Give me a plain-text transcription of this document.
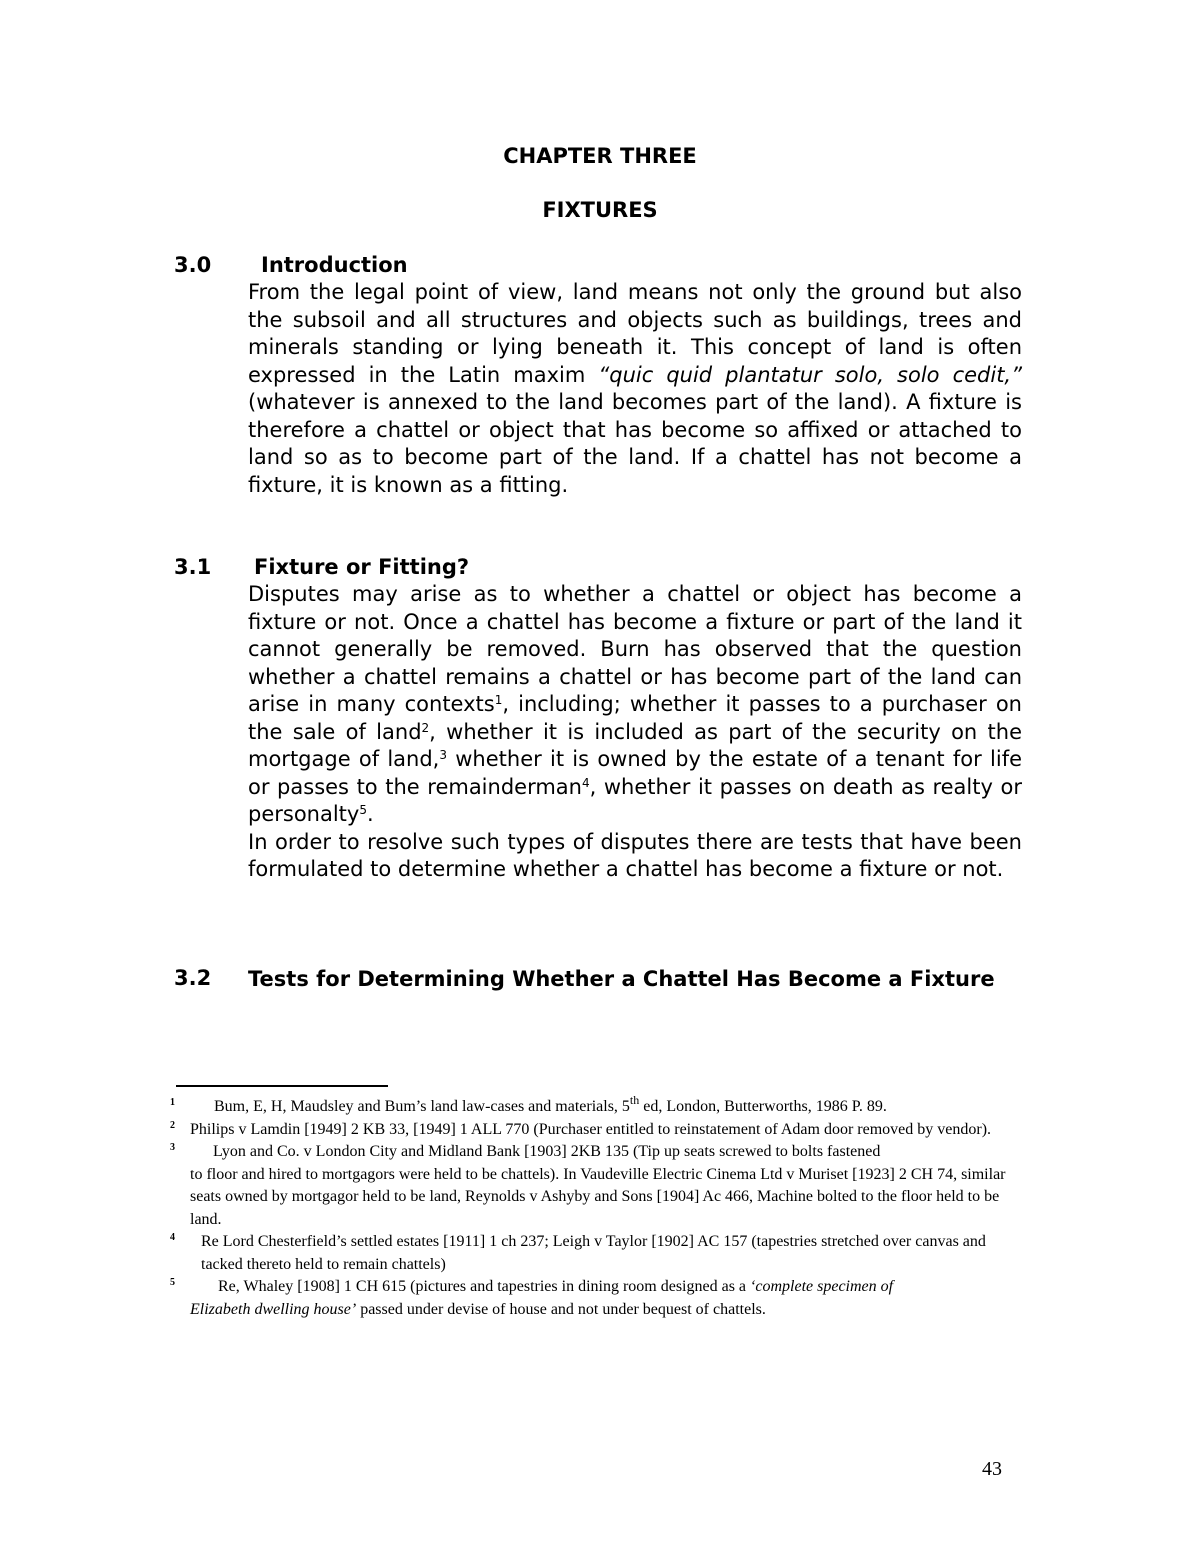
CHAPTER THREE
FIXTURES
3.0 Introduction

From the legal point of view, land means not only the ground but also the subsoil and all structures and objects such as buildings, trees and minerals standing or lying beneath it. This concept of land is often expressed in the Latin maxim “quic quid plantatur solo, solo cedit,” (whatever is annexed to the land becomes part of the land). A fixture is therefore a chattel or object that has become so affixed or attached to land so as to become part of the land. If a chattel has not become a fixture, it is known as a fitting.

3.1 Fixture or Fitting?

Disputes may arise as to whether a chattel or object has become a fixture or not. Once a chattel has become a fixture or part of the land it cannot generally be removed. Burn has observed that the question whether a chattel remains a chattel or has become part of the land can arise in many contexts$^1$, including; whether it passes to a purchaser on the sale of land$^2$, whether it is included as part of the security on the mortgage of land,$^3$ whether it is owned by the estate of a tenant for life or passes to the remainderman$^4$, whether it passes on death as realty or personalty$^5$.

In order to resolve such types of disputes there are tests that have been formulated to determine whether a chattel has become a fixture or not.

3.2 Tests for Determining Whether a Chattel Has Become a Fixture
1 Bum, E, H, Maudsley and Bum’s land law-cases and materials, 5th ed, London, Butterworths, 1986 P. 89.
2 Philips v Lamdin [1949] 2 KB 33, [1949] 1 ALL 770 (Purchaser entitled to reinstatement of Adam door removed by vendor).
3 Lyon and Co. v London City and Midland Bank [1903] 2KB 135 (Tip up seats screwed to bolts fastened
to floor and hired to mortgagors were held to be chattels). In Vaudeville Electric Cinema Ltd v Muriset [1923] 2 CH 74, similar seats owned by mortgagor held to be land, Reynolds v Ashyby and Sons [1904] Ac 466, Machine bolted to the floor held to be land.
4 Re Lord Chesterfield’s settled estates [1911] 1 ch 237; Leigh v Taylor [1902] AC 157 (tapestries stretched over canvas and tacked thereto held to remain chattels)
5	Re, Whaley [1908] 1 CH 615 (pictures and tapestries in dining room designed as a ‘complete specimen of
Elizabeth dwelling house’ passed under devise of house and not under bequest of chattels.
43
